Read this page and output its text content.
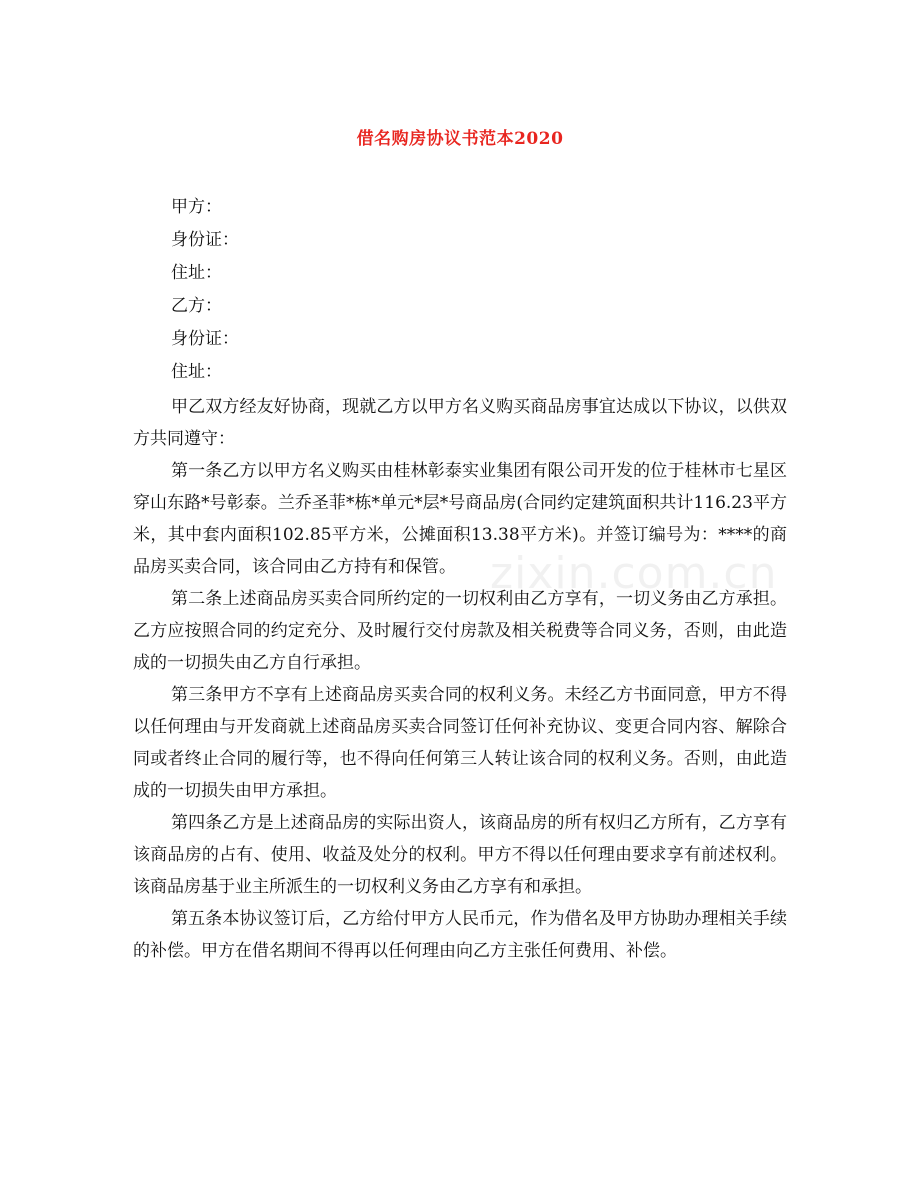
借名购房协议书范本2020
zixin.com.cn
甲方：
身份证：
住址：
乙方：
身份证：
住址：

甲乙双方经友好协商，现就乙方以甲方名义购买商品房事宜达成以下协议，以供双方共同遵守：

第一条乙方以甲方名义购买由桂林彰泰实业集团有限公司开发的位于桂林市七星区穿山东路*号彰泰。兰乔圣菲*栋*单元*层*号商品房(合同约定建筑面积共计116.23平方米，其中套内面积102.85平方米，公摊面积13.38平方米)。并签订编号为：****的商品房买卖合同，该合同由乙方持有和保管。

第二条上述商品房买卖合同所约定的一切权利由乙方享有，一切义务由乙方承担。乙方应按照合同的约定充分、及时履行交付房款及相关税费等合同义务，否则，由此造成的一切损失由乙方自行承担。

第三条甲方不享有上述商品房买卖合同的权利义务。未经乙方书面同意，甲方不得以任何理由与开发商就上述商品房买卖合同签订任何补充协议、变更合同内容、解除合同或者终止合同的履行等，也不得向任何第三人转让该合同的权利义务。否则，由此造成的一切损失由甲方承担。

第四条乙方是上述商品房的实际出资人，该商品房的所有权归乙方所有，乙方享有该商品房的占有、使用、收益及处分的权利。甲方不得以任何理由要求享有前述权利。该商品房基于业主所派生的一切权利义务由乙方享有和承担。

第五条本协议签订后，乙方给付甲方人民币元，作为借名及甲方协助办理相关手续的补偿。甲方在借名期间不得再以任何理由向乙方主张任何费用、补偿。
